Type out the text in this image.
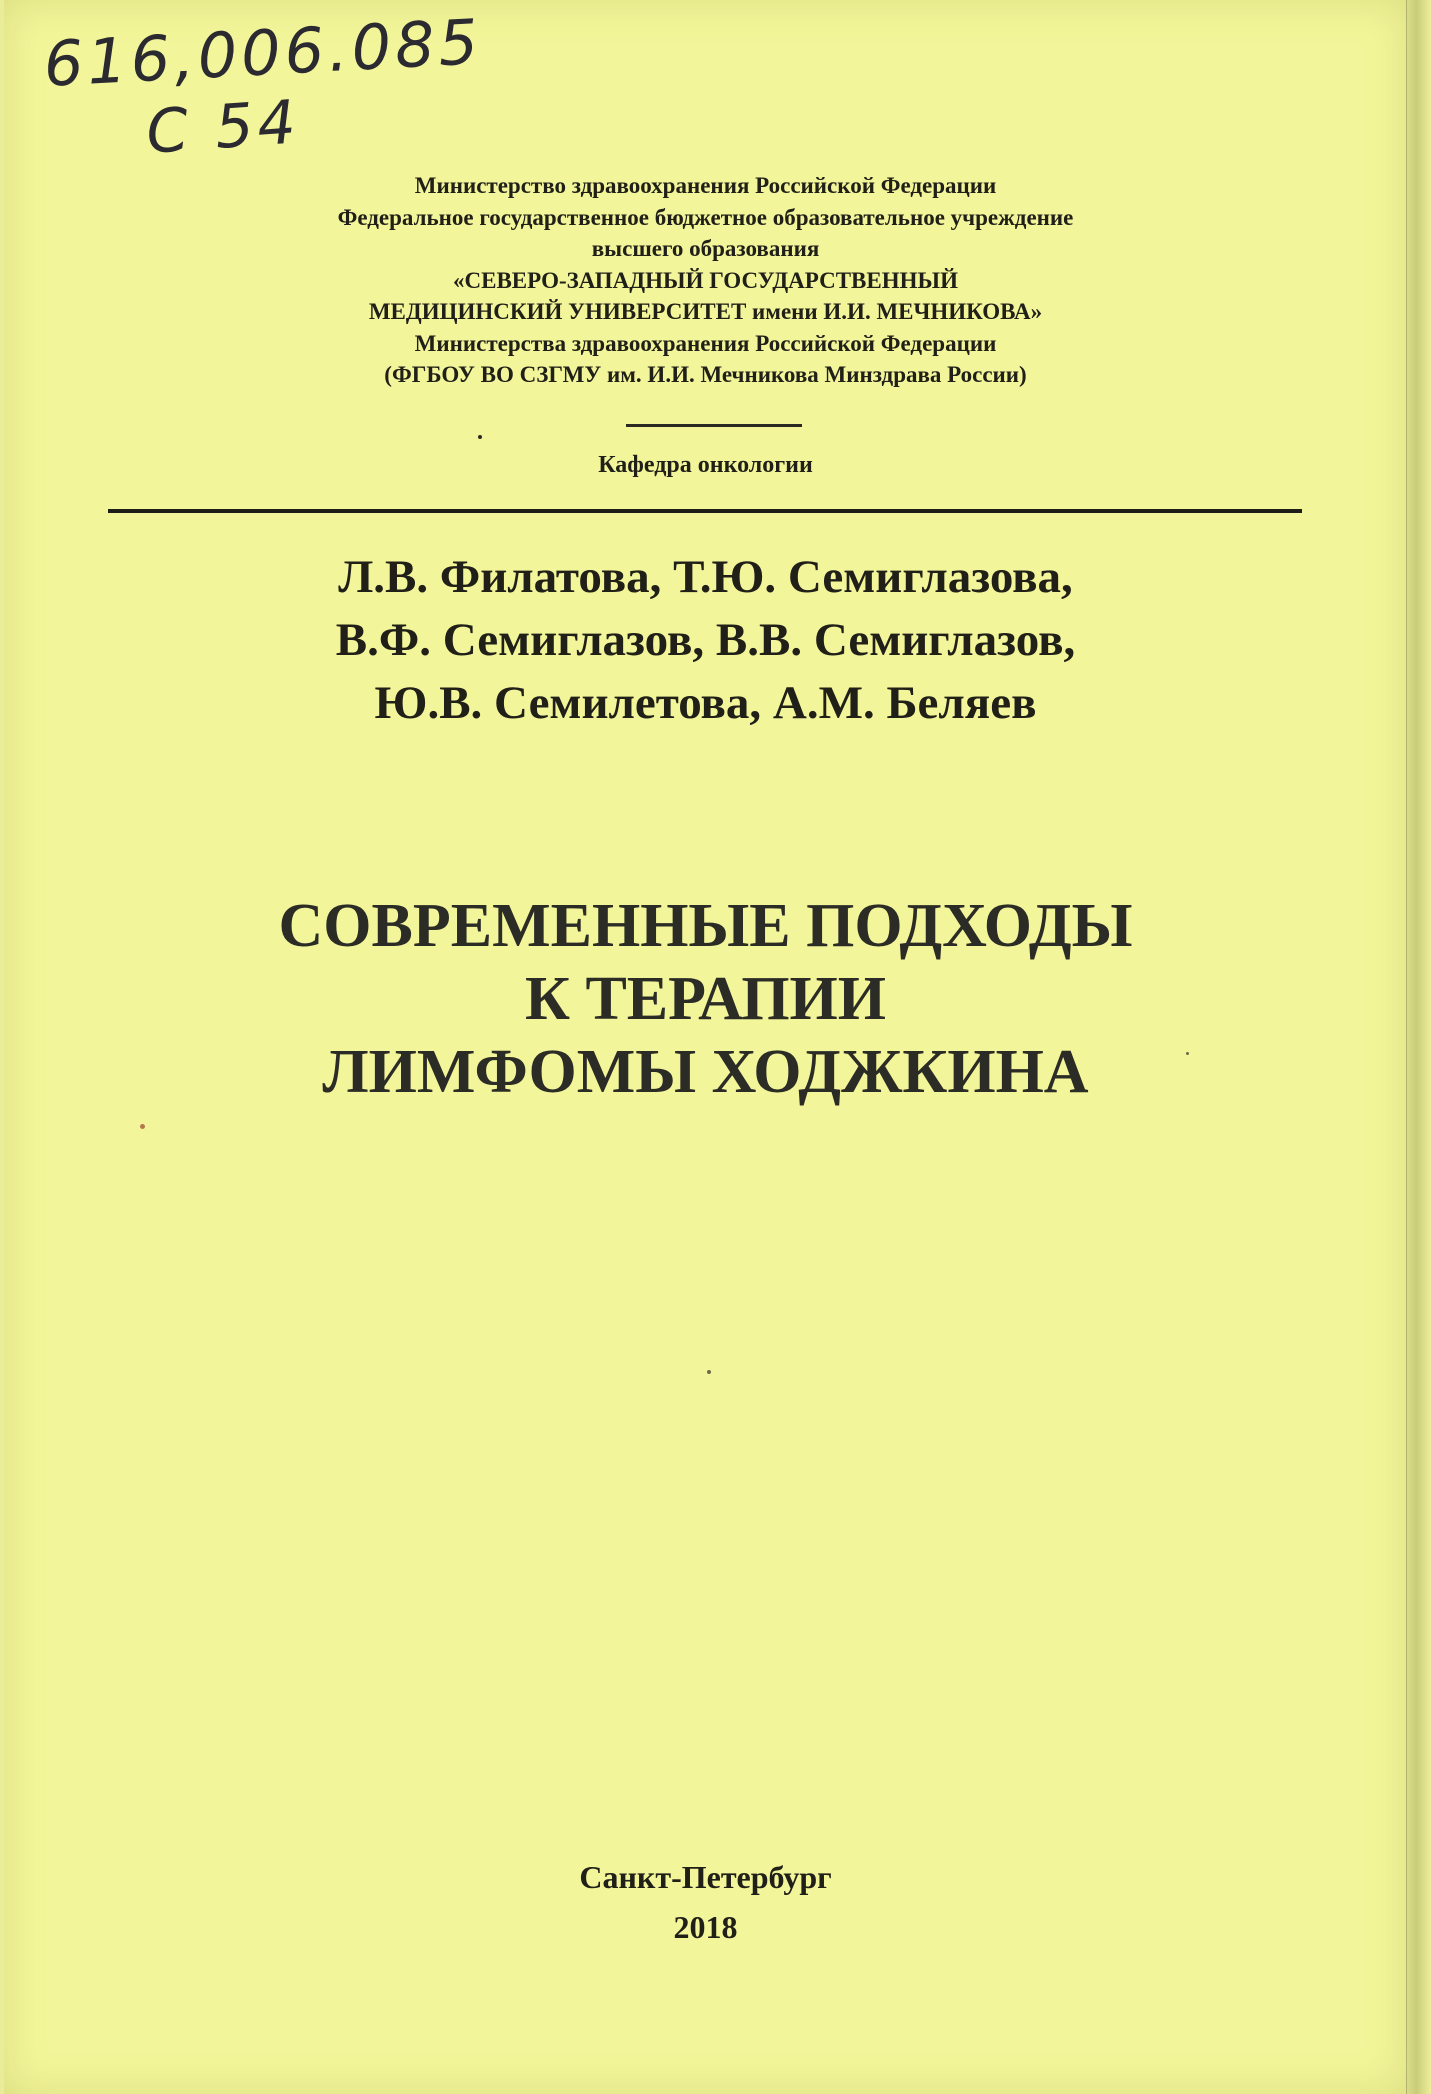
616,006.085
С 54
Министерство здравоохранения Российской Федерации
Федеральное государственное бюджетное образовательное учреждение
высшего образования
«СЕВЕРО-ЗАПАДНЫЙ ГОСУДАРСТВЕННЫЙ
МЕДИЦИНСКИЙ УНИВЕРСИТЕТ имени И.И. МЕЧНИКОВА»
Министерства здравоохранения Российской Федерации
(ФГБОУ ВО СЗГМУ им. И.И. Мечникова Минздрава России)
Кафедра онкологии
Л.В. Филатова, Т.Ю. Семиглазова,
В.Ф. Семиглазов, В.В. Семиглазов,
Ю.В. Семилетова, А.М. Беляев
СОВРЕМЕННЫЕ ПОДХОДЫ
К ТЕРАПИИ
ЛИМФОМЫ ХОДЖКИНА
Санкт-Петербург
2018
